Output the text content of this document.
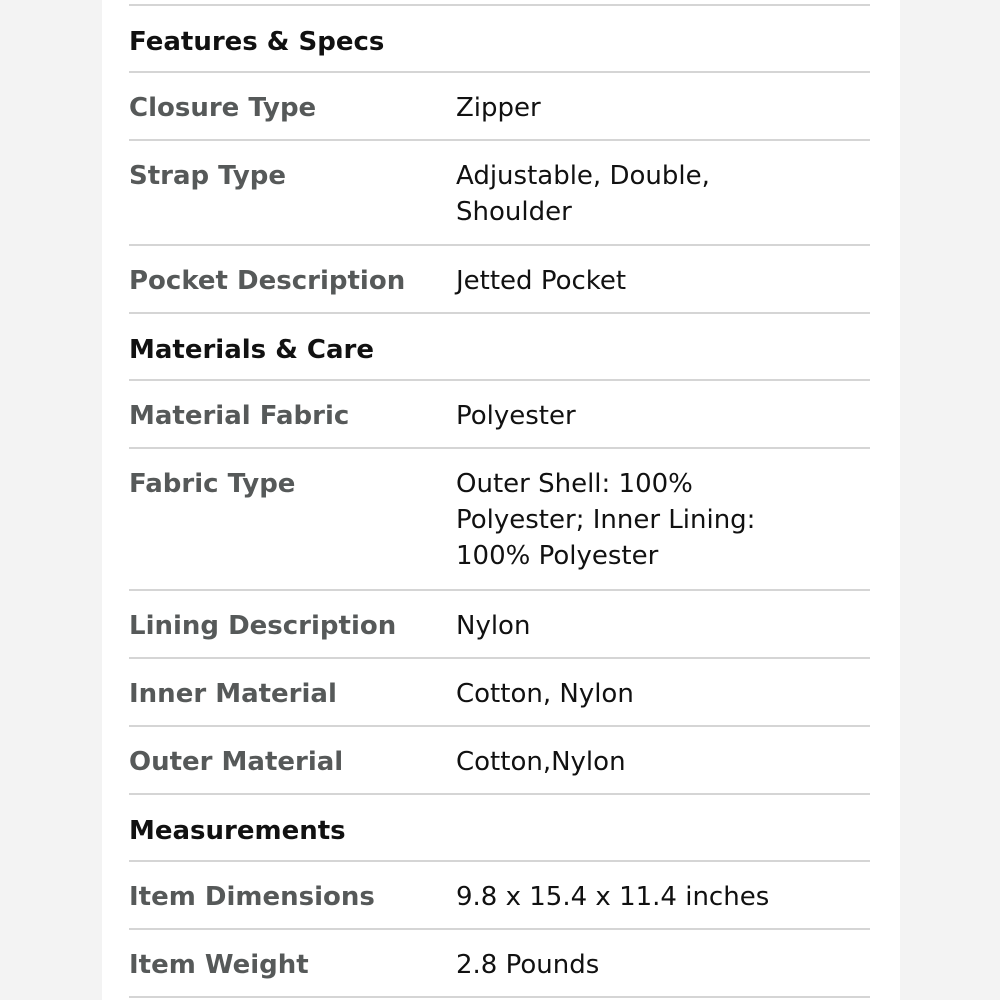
Features & Specs
Closure Type	Zipper
Strap Type	Adjustable, Double, Shoulder
Pocket Description	Jetted Pocket
Materials & Care
Material Fabric	Polyester
Fabric Type	Outer Shell: 100% Polyester; Inner Lining: 100% Polyester
Lining Description	Nylon
Inner Material	Cotton, Nylon
Outer Material	Cotton,Nylon
Measurements
Item Dimensions	9.8 x 15.4 x 11.4 inches
Item Weight	2.8 Pounds
